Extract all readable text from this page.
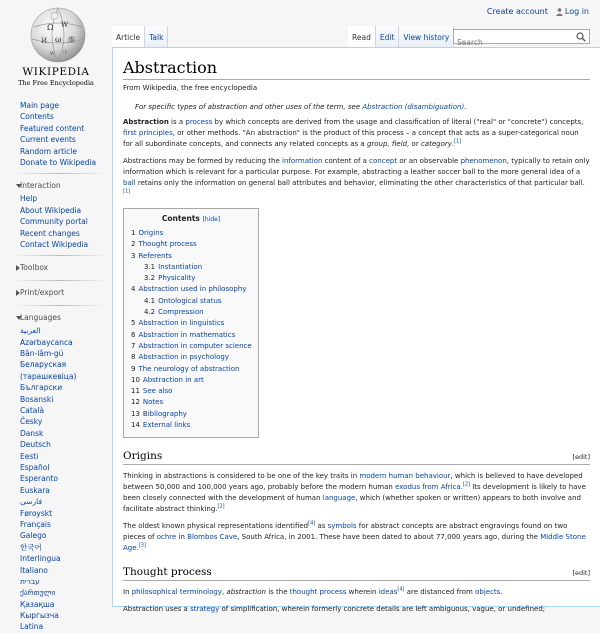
Create account	Log in
Ω W
И ω 維
ท ル
WIKIPEDIA
The Free Encyclopedia
Article	Talk	Read	Edit	View history
Search
Main page
Contents
Featured content
Current events
Random article
Donate to Wikipedia
Interaction
Help
About Wikipedia
Community portal
Recent changes
Contact Wikipedia
Toolbox
Print/export
Languages
العربية
Azərbaycanca
Bân-lâm-gú
Беларуская
(тарашкевіца)
Български
Bosanski
Català
Česky
Dansk
Deutsch
Eesti
Español
Esperanto
Euskara
فارسی
Føroyskt
Français
Galego
한국어
Interlingua
Italiano
עברית
ქართული
Қазақша
Кыргызча
Latina
Abstraction
From Wikipedia, the free encyclopedia
For specific types of abstraction and other uses of the term, see Abstraction (disambiguation).

Abstraction is a process by which concepts are derived from the usage and classification of literal ("real" or "concrete") concepts, first principles, or other methods. "An abstraction" is the product of this process – a concept that acts as a super-categorical noun for all subordinate concepts, and connects any related concepts as a group, field, or category.[1]

Abstractions may be formed by reducing the information content of a concept or an observable phenomenon, typically to retain only information which is relevant for a particular purpose. For example, abstracting a leather soccer ball to the more general idea of a ball retains only the information on general ball attributes and behavior, eliminating the other characteristics of that particular ball.[1]

Contents [hide]
1 Origins
2 Thought process
3 Referents
3.1 Instantiation
3.2 Physicality
4 Abstraction used in philosophy
4.1 Ontological status
4.2 Compression
5 Abstraction in linguistics
6 Abstraction in mathematics
7 Abstraction in computer science
8 Abstraction in psychology
9 The neurology of abstraction
10 Abstraction in art
11 See also
12 Notes
13 Bibliography
14 External links
Origins	[edit]

Thinking in abstractions is considered to be one of the key traits in modern human behaviour, which is believed to have developed between 50,000 and 100,000 years ago, probably before the modern human exodus from Africa.[2] Its development is likely to have been closely connected with the development of human language, which (whether spoken or written) appears to both involve and facilitate abstract thinking.[2]

The oldest known physical representations identified[4] as symbols for abstract concepts are abstract engravings found on two pieces of ochre in Blombos Cave, South Africa, in 2001. These have been dated to about 77,000 years ago, during the Middle Stone Age.[3]

Thought process	[edit]

In philosophical terminology, abstraction is the thought process wherein ideas[4] are distanced from objects.

Abstraction uses a strategy of simplification, wherein formerly concrete details are left ambiguous, vague, or undefined;
